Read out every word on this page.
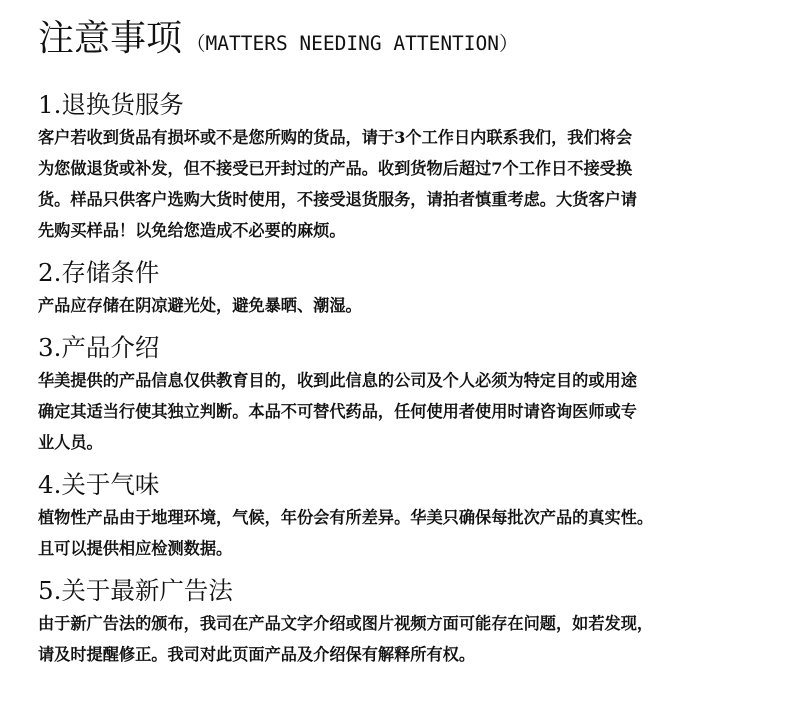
注意事项 （MATTERS NEEDING ATTENTION）
1.退换货服务
客户若收到货品有损坏或不是您所购的货品，请于3个工作日内联系我们，我们将会
为您做退货或补发，但不接受已开封过的产品。收到货物后超过7个工作日不接受换
货。样品只供客户选购大货时使用，不接受退货服务，请拍者慎重考虑。大货客户请
先购买样品！以免给您造成不必要的麻烦。
2.存储条件
产品应存储在阴凉避光处，避免暴晒、潮湿。
3.产品介绍
华美提供的产品信息仅供教育目的，收到此信息的公司及个人必须为特定目的或用途
确定其适当行使其独立判断。本品不可替代药品，任何使用者使用时请咨询医师或专
业人员。
4.关于气味
植物性产品由于地理环境，气候，年份会有所差异。华美只确保每批次产品的真实性。
且可以提供相应检测数据。
5.关于最新广告法
由于新广告法的颁布，我司在产品文字介绍或图片视频方面可能存在问题，如若发现，
请及时提醒修正。我司对此页面产品及介绍保有解释所有权。
